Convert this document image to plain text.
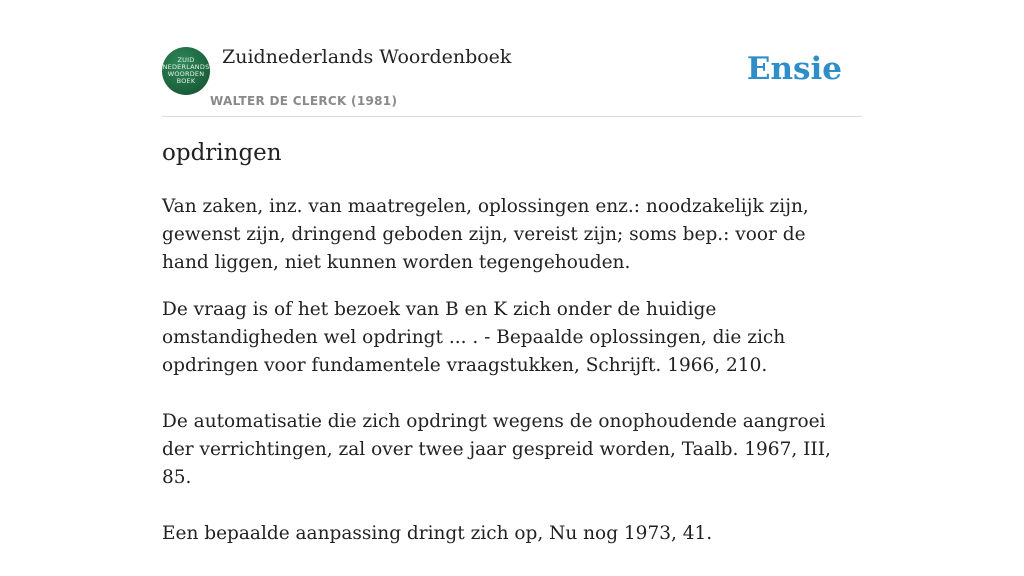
ZUID
NEDERLANDS
WOORDEN
BOEK
Zuidnederlands Woordenboek
WALTER DE CLERCK (1981)
Ensie
opdringen

Van zaken, inz. van maatregelen, oplossingen enz.: noodzakelijk zijn, gewenst zijn, dringend geboden zijn, vereist zijn; soms bep.: voor de hand liggen, niet kunnen worden tegengehouden.

De vraag is of het bezoek van B en K zich onder de huidige omstandigheden wel opdringt ... . - Bepaalde oplossingen, die zich opdringen voor fundamentele vraagstukken, Schrijft. 1966, 210.

De automatisatie die zich opdringt wegens de onophoudende aangroei der verrichtingen, zal over twee jaar gespreid worden, Taalb. 1967, III, 85.

Een bepaalde aanpassing dringt zich op, Nu nog 1973, 41.
